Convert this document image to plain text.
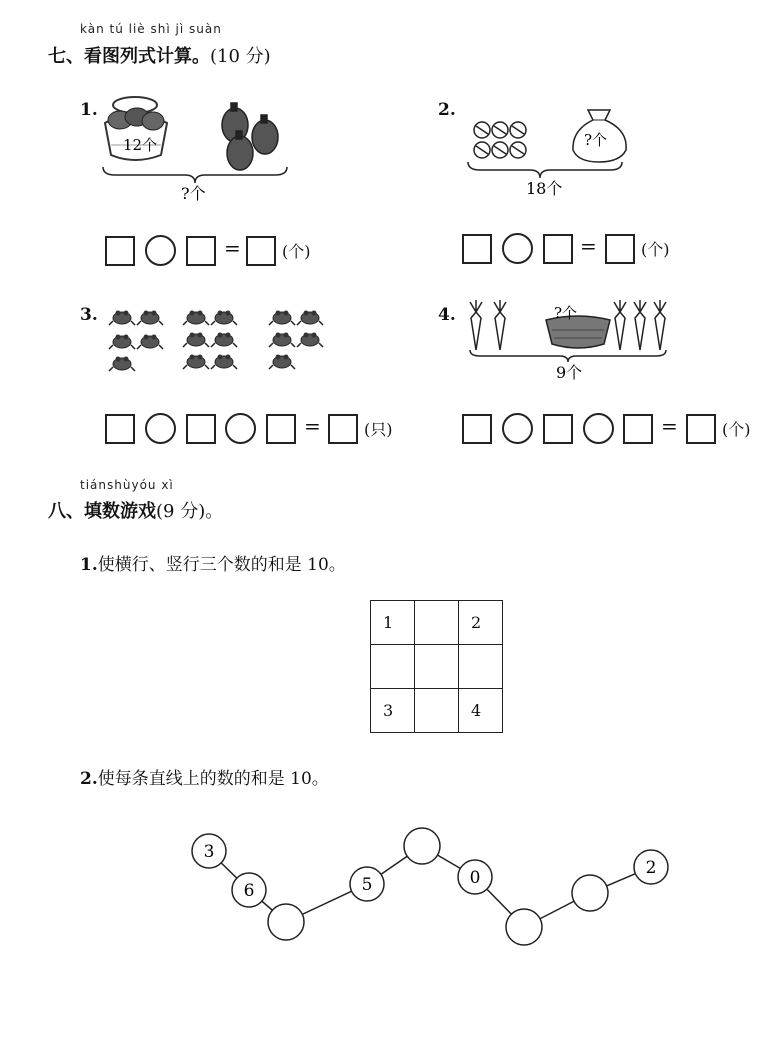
kàn tú liè shì jì suàn
七、看图列式计算。(10 分)
1.
12个
?个
=	(个)
2.
?个
18个
=	(个)
3.
=	(只)
4.	?个
9个
=	(个)
tiánshùyóu xì
八、填数游戏(9 分)。
1.使横行、竖行三个数的和是 10。
1		2

3		4
2.使每条直线上的数的和是 10。
3
6	5	0	2
